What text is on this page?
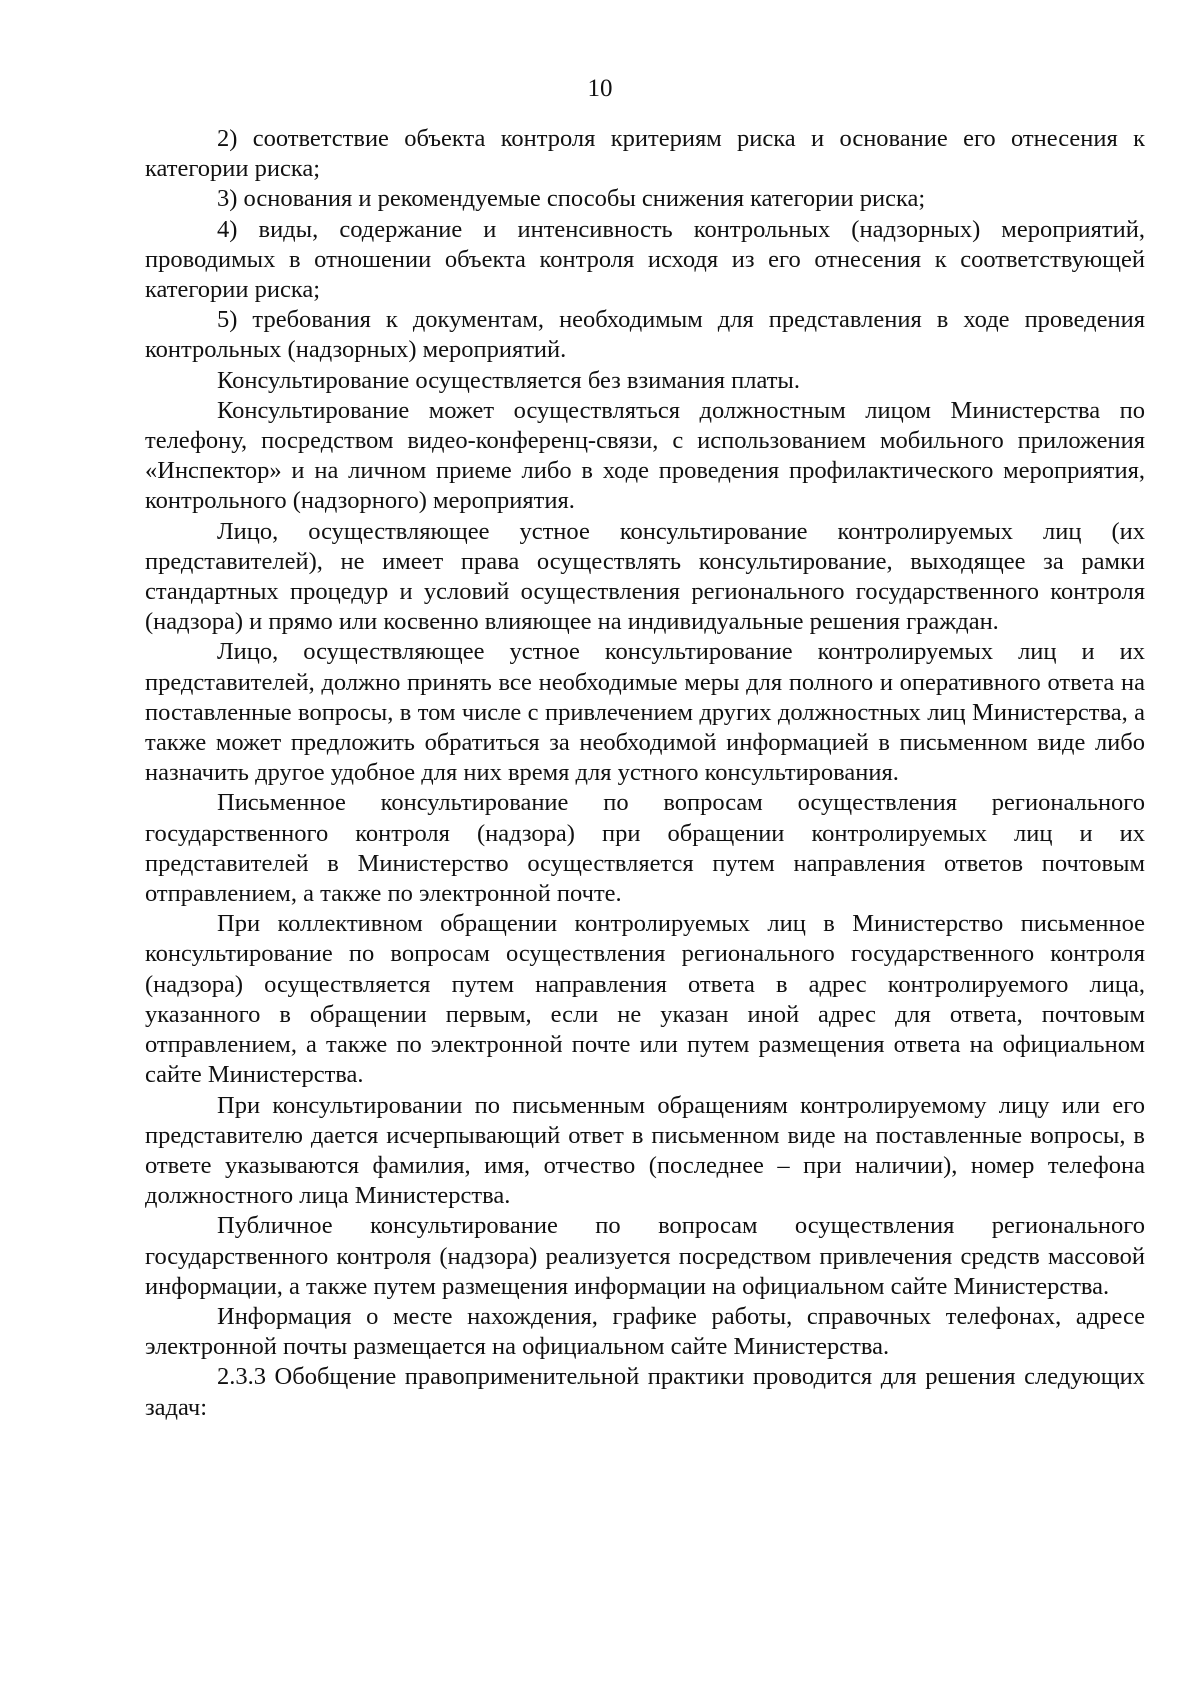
10

2) соответствие объекта контроля критериям риска и основание его отнесения к категории риска;

3) основания и рекомендуемые способы снижения категории риска;

4) виды, содержание и интенсивность контрольных (надзорных) мероприятий, проводимых в отношении объекта контроля исходя из его отнесения к соответствующей категории риска;

5) требования к документам, необходимым для представления в ходе проведения контрольных (надзорных) мероприятий.

Консультирование осуществляется без взимания платы.

Консультирование может осуществляться должностным лицом Министерства по телефону, посредством видео-конференц-связи, с использованием мобильного приложения «Инспектор» и на личном приеме либо в ходе проведения профилактического мероприятия, контрольного (надзорного) мероприятия.

Лицо, осуществляющее устное консультирование контролируемых лиц (их представителей), не имеет права осуществлять консультирование, выходящее за рамки стандартных процедур и условий осуществления регионального государственного контроля (надзора) и прямо или косвенно влияющее на индивидуальные решения граждан.

Лицо, осуществляющее устное консультирование контролируемых лиц и их представителей, должно принять все необходимые меры для полного и оперативного ответа на поставленные вопросы, в том числе с привлечением других должностных лиц Министерства, а также может предложить обратиться за необходимой информацией в письменном виде либо назначить другое удобное для них время для устного консультирования.

Письменное консультирование по вопросам осуществления регионального государственного контроля (надзора) при обращении контролируемых лиц и их представителей в Министерство осуществляется путем направления ответов почтовым отправлением, а также по электронной почте.

При коллективном обращении контролируемых лиц в Министерство письменное консультирование по вопросам осуществления регионального государственного контроля (надзора) осуществляется путем направления ответа в адрес контролируемого лица, указанного в обращении первым, если не указан иной адрес для ответа, почтовым отправлением, а также по электронной почте или путем размещения ответа на официальном сайте Министерства.

При консультировании по письменным обращениям контролируемому лицу или его представителю дается исчерпывающий ответ в письменном виде на поставленные вопросы, в ответе указываются фамилия, имя, отчество (последнее – при наличии), номер телефона должностного лица Министерства.

Публичное консультирование по вопросам осуществления регионального государственного контроля (надзора) реализуется посредством привлечения средств массовой информации, а также путем размещения информации на официальном сайте Министерства.

Информация о месте нахождения, графике работы, справочных телефонах, адресе электронной почты размещается на официальном сайте Министерства.

2.3.3 Обобщение правоприменительной практики проводится для решения следующих задач:
